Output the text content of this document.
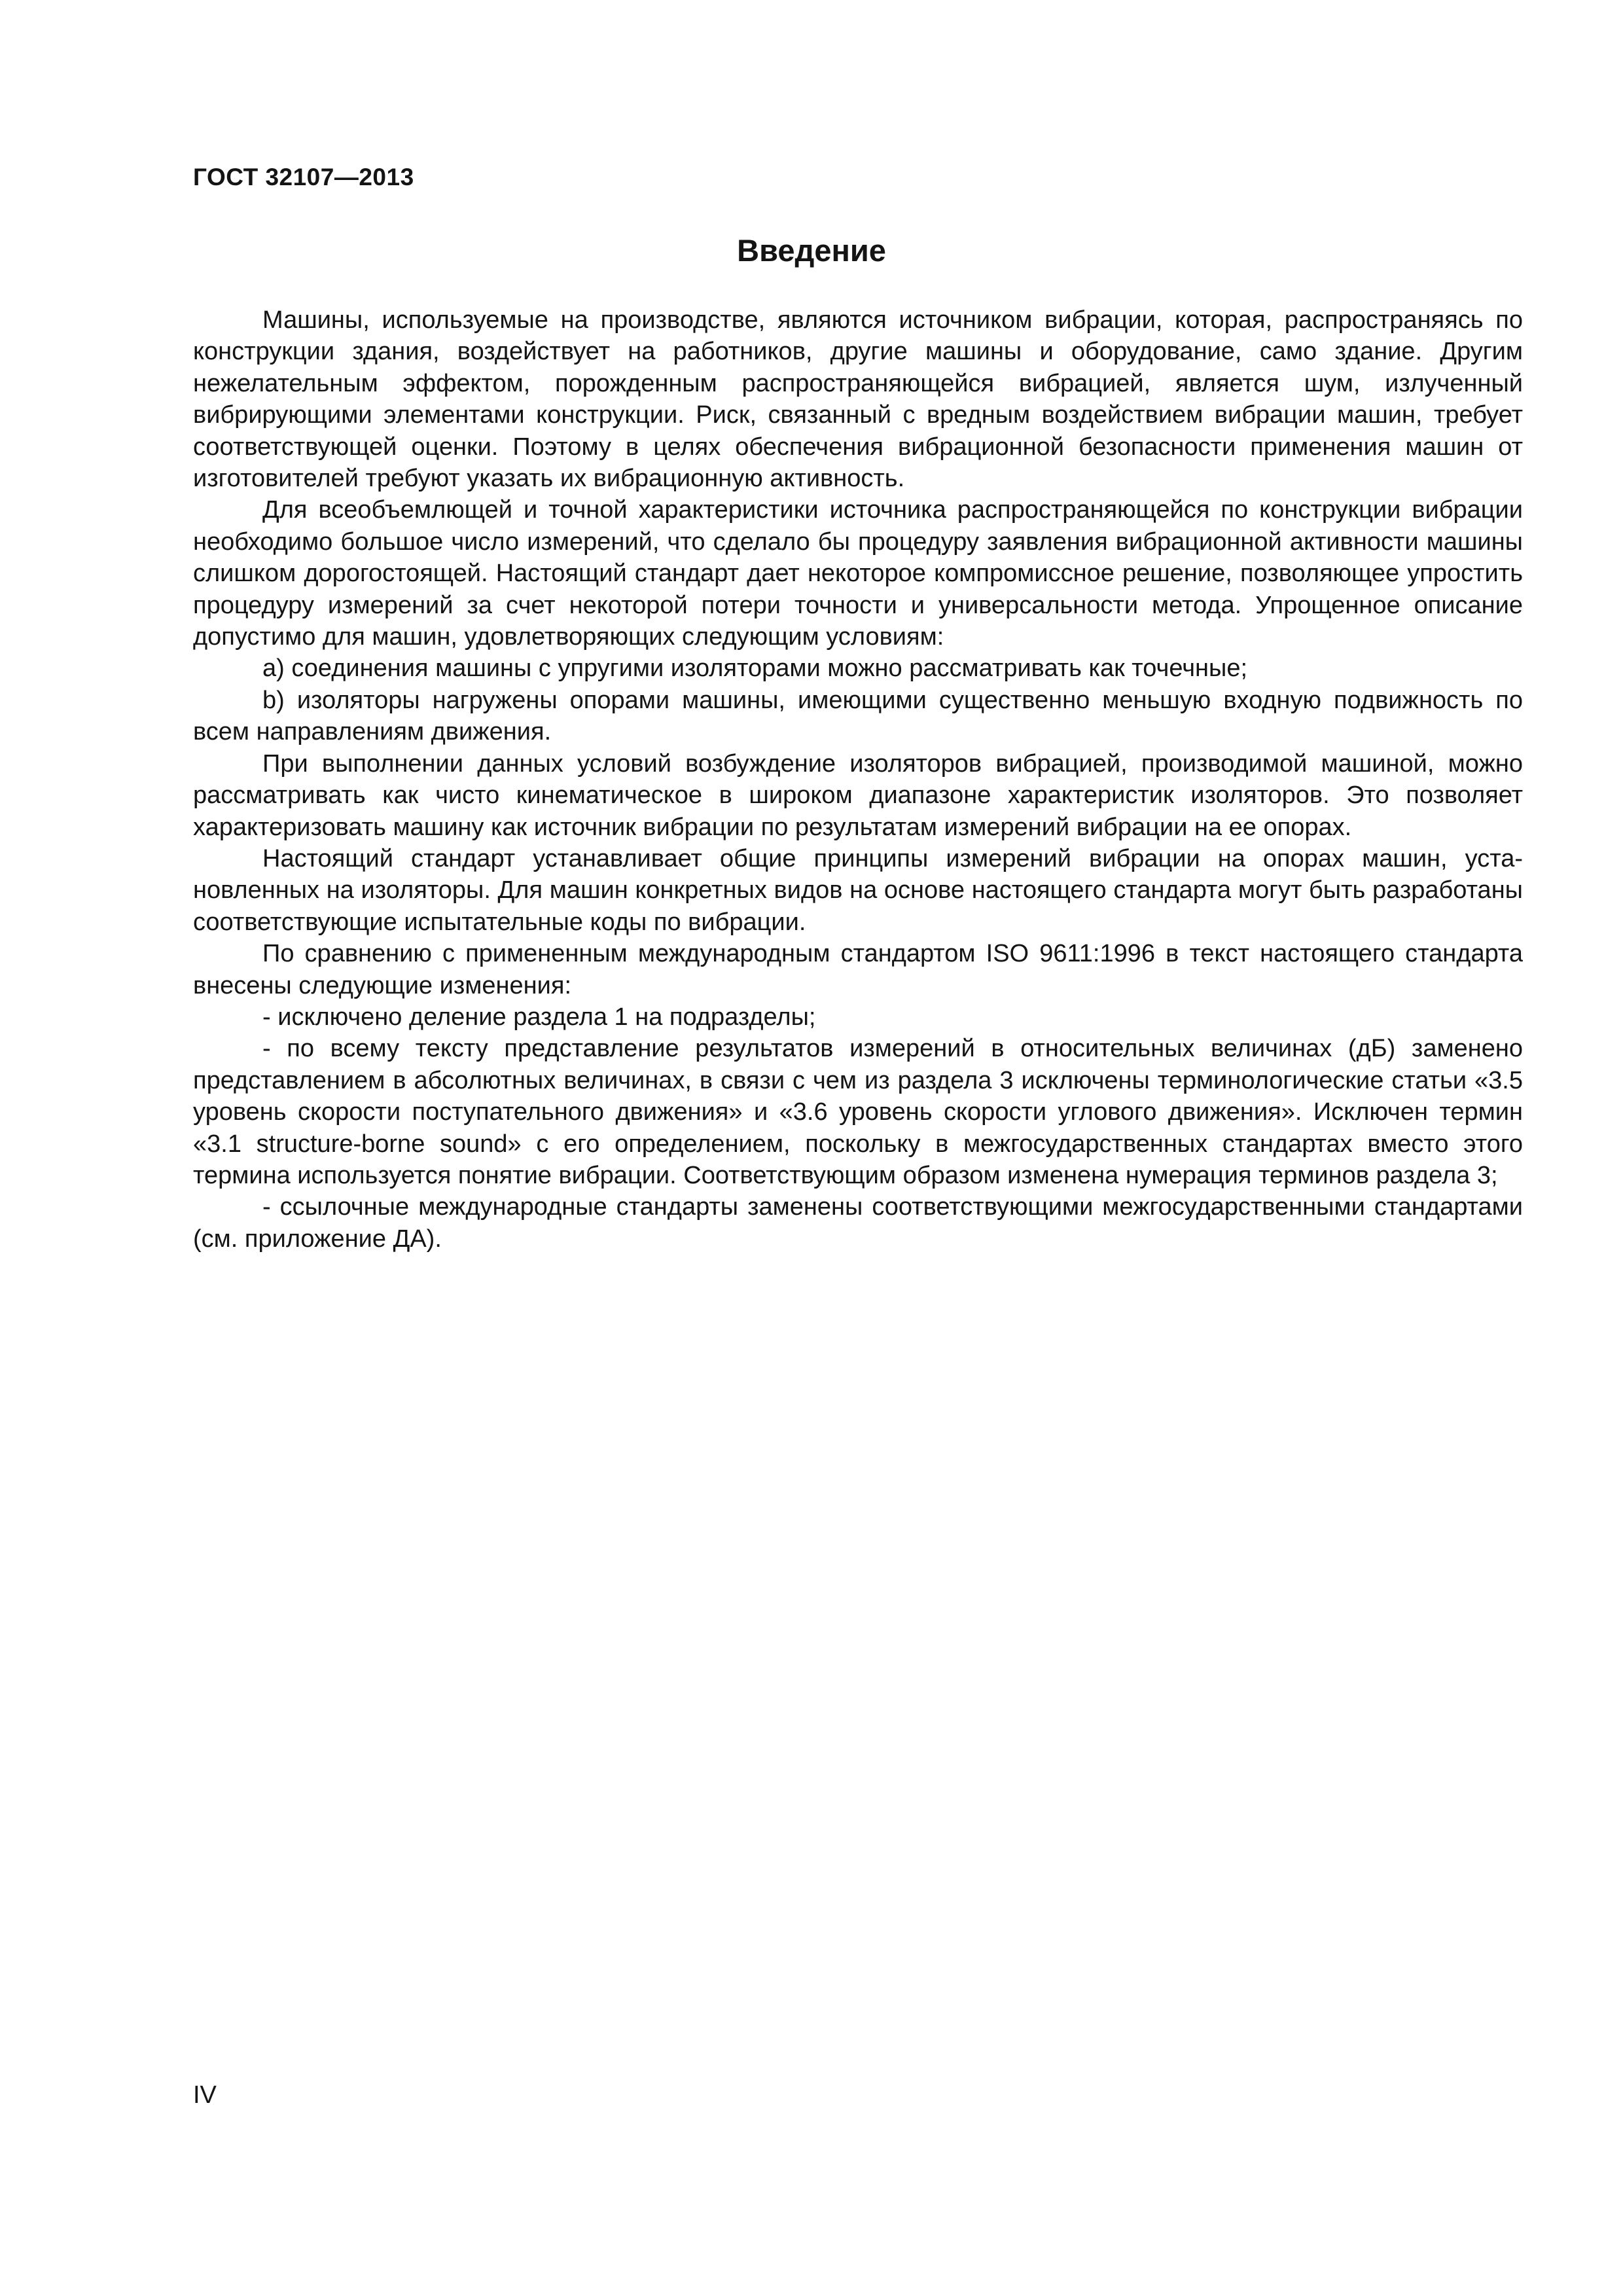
ГОСТ 32107—2013
Введение

Машины, используемые на производстве, являются источником вибрации, которая, распространяясь по конструкции здания, воздействует на работников, другие машины и оборудование, само здание. Другим нежелательным эффектом, порожденным распространяющейся вибрацией, является шум, излученный вибрирующими элементами конструкции. Риск, связанный с вредным воздействием вибрации машин, требует соответствующей оценки. Поэтому в целях обеспечения вибрационной безопасности применения машин от изготовителей требуют указать их вибрационную активность.

Для всеобъемлющей и точной характеристики источника распространяющейся по конструкции вибрации необходимо большое число измерений, что сделало бы процедуру заявления вибрационной активности машины слишком дорогостоящей. Настоящий стандарт дает некоторое компромиссное решение, позволяющее упростить процедуру измерений за счет некоторой потери точности и универсальности метода. Упрощенное описание допустимо для машин, удовлетворяющих следующим условиям:

а) соединения машины с упругими изоляторами можно рассматривать как точечные;

b) изоляторы нагружены опорами машины, имеющими существенно меньшую входную подвижность по всем направлениям движения.

При выполнении данных условий возбуждение изоляторов вибрацией, производимой машиной, можно рассматривать как чисто кинематическое в широком диапазоне характеристик изоляторов. Это позволяет характеризовать машину как источник вибрации по результатам измерений вибрации на ее опорах.

Настоящий стандарт устанавливает общие принципы измерений вибрации на опорах машин, установленных на изоляторы. Для машин конкретных видов на основе настоящего стандарта могут быть разработаны соответствующие испытательные коды по вибрации.

По сравнению с примененным международным стандартом ISO 9611:1996 в текст настоящего стандарта внесены следующие изменения:

- исключено деление раздела 1 на подразделы;

- по всему тексту представление результатов измерений в относительных величинах (дБ) заменено представлением в абсолютных величинах, в связи с чем из раздела 3 исключены терминологические статьи «3.5 уровень скорости поступательного движения» и «3.6 уровень скорости углового движения». Исключен термин «3.1 structure-borne sound» с его определением, поскольку в межгосударственных стандартах вместо этого термина используется понятие вибрации. Соответствующим образом изменена нумерация терминов раздела 3;

- ссылочные международные стандарты заменены соответствующими межгосударственными стандартами (см. приложение ДА).

IV
